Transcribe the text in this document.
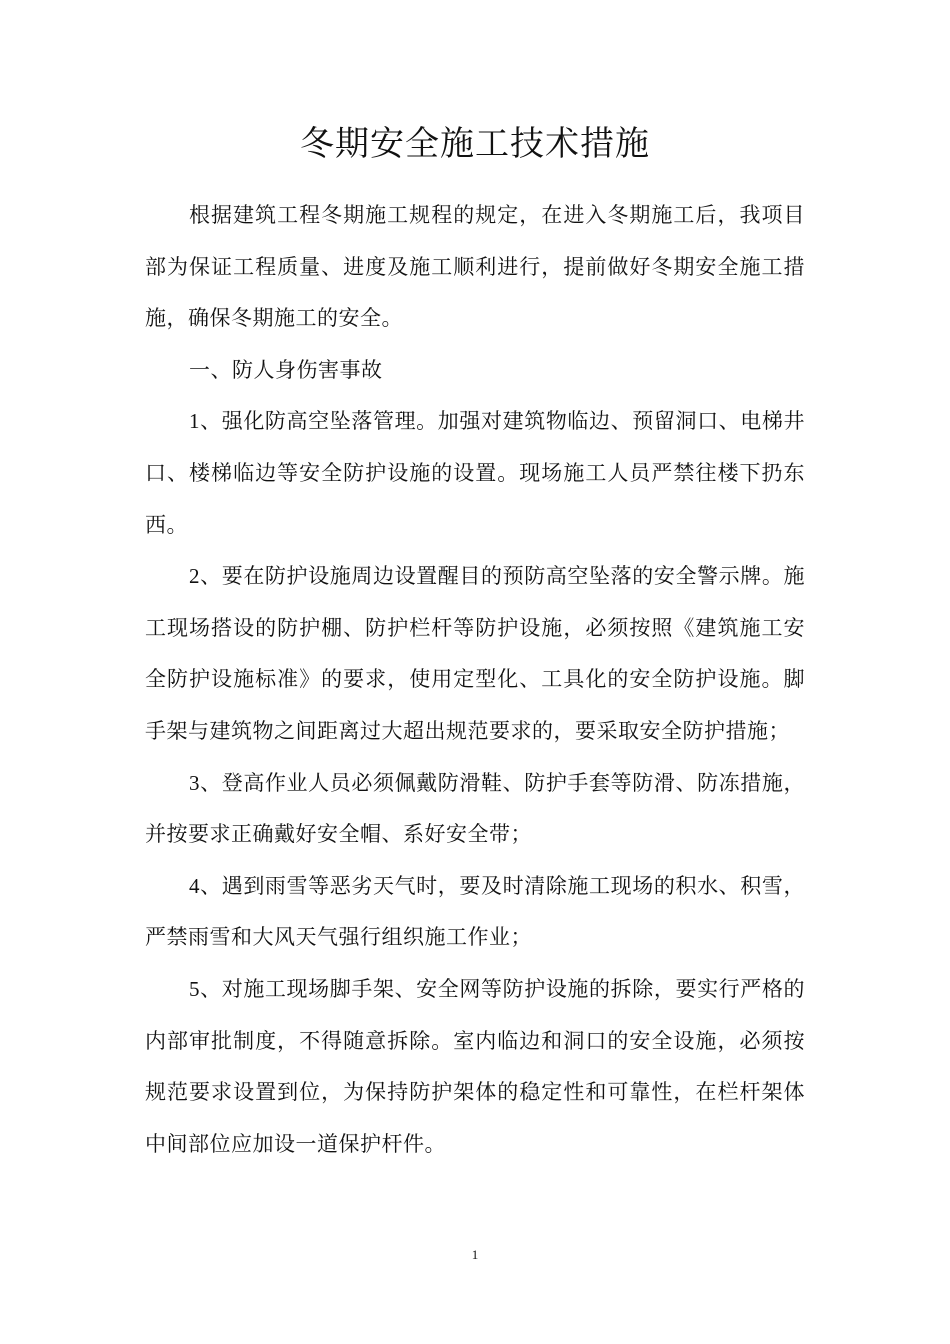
冬期安全施工技术措施

根据建筑工程冬期施工规程的规定，在进入冬期施工后，我项目部为保证工程质量、进度及施工顺利进行，提前做好冬期安全施工措施，确保冬期施工的安全。

一、防人身伤害事故

1、强化防高空坠落管理。加强对建筑物临边、预留洞口、电梯井口、楼梯临边等安全防护设施的设置。现场施工人员严禁往楼下扔东西。

2、要在防护设施周边设置醒目的预防高空坠落的安全警示牌。施工现场搭设的防护棚、防护栏杆等防护设施，必须按照《建筑施工安全防护设施标准》的要求，使用定型化、工具化的安全防护设施。脚手架与建筑物之间距离过大超出规范要求的，要采取安全防护措施；

3、登高作业人员必须佩戴防滑鞋、防护手套等防滑、防冻措施，并按要求正确戴好安全帽、系好安全带；

4、遇到雨雪等恶劣天气时，要及时清除施工现场的积水、积雪，严禁雨雪和大风天气强行组织施工作业；

5、对施工现场脚手架、安全网等防护设施的拆除，要实行严格的内部审批制度，不得随意拆除。室内临边和洞口的安全设施，必须按规范要求设置到位，为保持防护架体的稳定性和可靠性，在栏杆架体中间部位应加设一道保护杆件。

1
